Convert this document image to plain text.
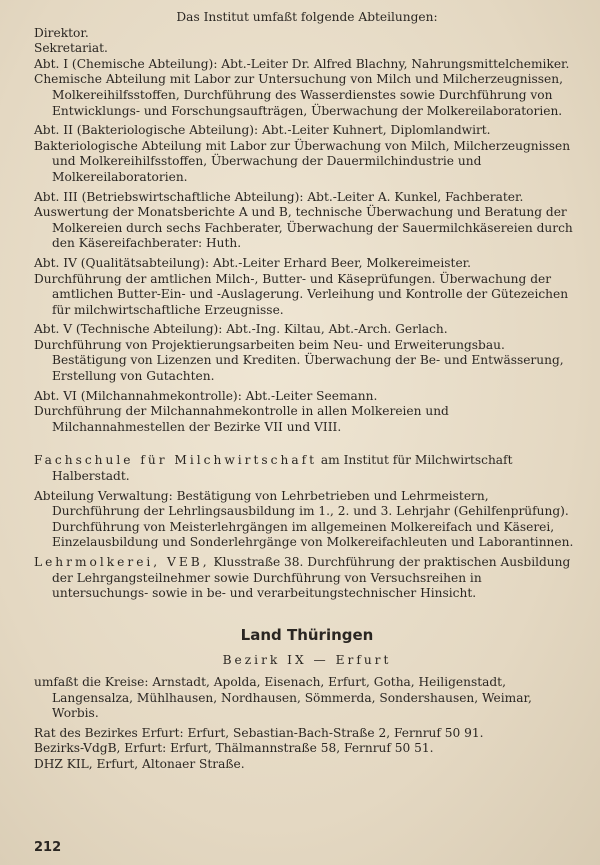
Das Institut umfaßt folgende Abteilungen:
Direktor.
Sekretariat.
Abt. I (Chemische Abteilung): Abt.-Leiter Dr. Alfred Blachny, Nahrungsmittelchemiker.
Chemische Abteilung mit Labor zur Untersuchung von Milch und Milcherzeugnissen, Molkereihilfsstoffen, Durchführung des Wasserdienstes sowie Durchführung von Entwicklungs- und Forschungsaufträgen, Überwachung der Molkereilaboratorien.
Abt. II (Bakteriologische Abteilung): Abt.-Leiter Kuhnert, Diplomlandwirt.
Bakteriologische Abteilung mit Labor zur Überwachung von Milch, Milcherzeugnissen und Molkereihilfsstoffen, Überwachung der Dauermilchindustrie und Molkereilaboratorien.
Abt. III (Betriebswirtschaftliche Abteilung): Abt.-Leiter A. Kunkel, Fachberater.
Auswertung der Monatsberichte A und B, technische Überwachung und Beratung der Molkereien durch sechs Fachberater, Überwachung der Sauermilchkäsereien durch den Käsereifachberater: Huth.
Abt. IV (Qualitätsabteilung): Abt.-Leiter Erhard Beer, Molkereimeister.
Durchführung der amtlichen Milch-, Butter- und Käseprüfungen. Überwachung der amtlichen Butter-Ein- und -Auslagerung. Verleihung und Kontrolle der Gütezeichen für milchwirtschaftliche Erzeugnisse.
Abt. V (Technische Abteilung): Abt.-Ing. Kiltau, Abt.-Arch. Gerlach.
Durchführung von Projektierungsarbeiten beim Neu- und Erweiterungsbau. Bestätigung von Lizenzen und Krediten. Überwachung der Be- und Entwässerung, Erstellung von Gutachten.
Abt. VI (Milchannahmekontrolle): Abt.-Leiter Seemann.
Durchführung der Milchannahmekontrolle in allen Molkereien und Milchannahmestellen der Bezirke VII und VIII.
Fachschule für Milchwirtschaft am Institut für Milchwirtschaft Halberstadt.
Abteilung Verwaltung: Bestätigung von Lehrbetrieben und Lehrmeistern, Durchführung der Lehrlingsausbildung im 1., 2. und 3. Lehrjahr (Gehilfenprüfung). Durchführung von Meisterlehrgängen im allgemeinen Molkereifach und Käserei, Einzelausbildung und Sonderlehrgänge von Molkereifachleuten und Laborantinnen.
Lehrmolkerei, VEB, Klusstraße 38. Durchführung der praktischen Ausbildung der Lehrgangsteilnehmer sowie Durchführung von Versuchsreihen in untersuchungs- sowie in be- und verarbeitungstechnischer Hinsicht.
Land Thüringen
Bezirk IX — Erfurt
umfaßt die Kreise: Arnstadt, Apolda, Eisenach, Erfurt, Gotha, Heiligenstadt, Langensalza, Mühlhausen, Nordhausen, Sömmerda, Sondershausen, Weimar, Worbis.
Rat des Bezirkes Erfurt: Erfurt, Sebastian-Bach-Straße 2, Fernruf 50 91.
Bezirks-VdgB, Erfurt: Erfurt, Thälmannstraße 58, Fernruf 50 51.
DHZ KIL, Erfurt, Altonaer Straße.
212
